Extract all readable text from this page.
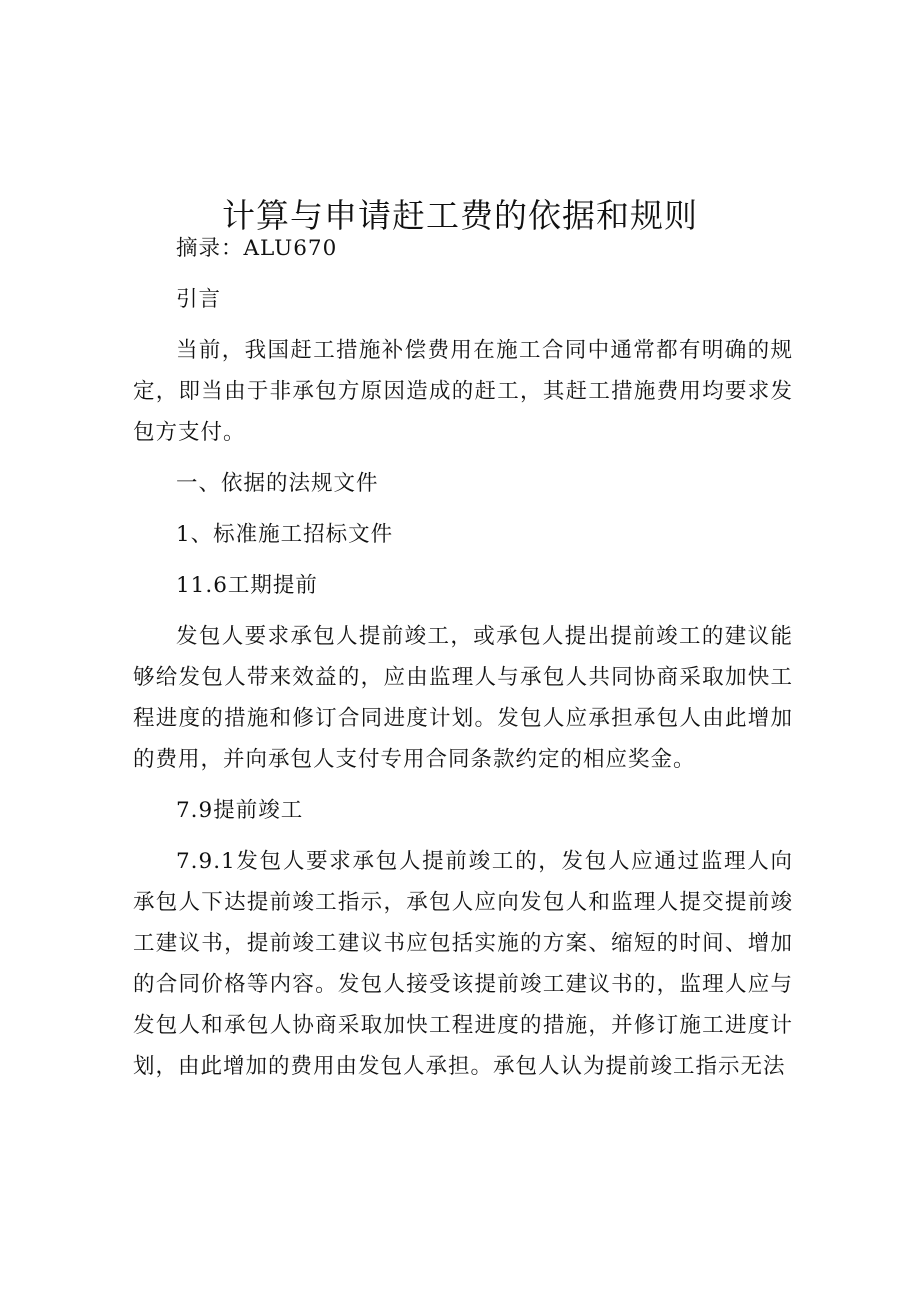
计算与申请赶工费的依据和规则

摘录：ALU670

引言

当前，我国赶工措施补偿费用在施工合同中通常都有明确的规定，即当由于非承包方原因造成的赶工，其赶工措施费用均要求发包方支付。

一、依据的法规文件

1、标准施工招标文件

11.6工期提前

发包人要求承包人提前竣工，或承包人提出提前竣工的建议能够给发包人带来效益的，应由监理人与承包人共同协商采取加快工程进度的措施和修订合同进度计划。发包人应承担承包人由此增加的费用，并向承包人支付专用合同条款约定的相应奖金。

7.9提前竣工

7.9.1发包人要求承包人提前竣工的，发包人应通过监理人向承包人下达提前竣工指示，承包人应向发包人和监理人提交提前竣工建议书，提前竣工建议书应包括实施的方案、缩短的时间、增加的合同价格等内容。发包人接受该提前竣工建议书的，监理人应与发包人和承包人协商采取加快工程进度的措施，并修订施工进度计划，由此增加的费用由发包人承担。承包人认为提前竣工指示无法
